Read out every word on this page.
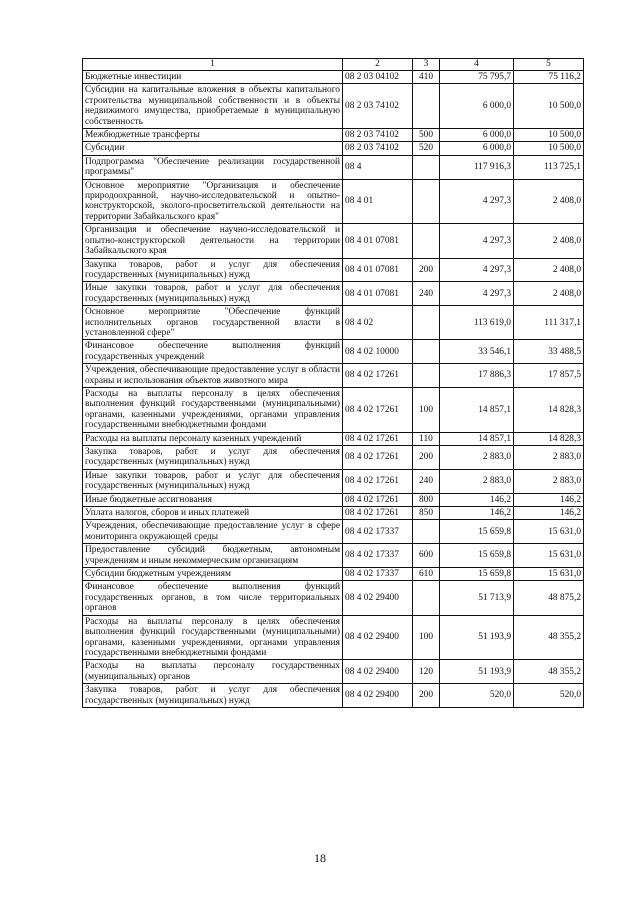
1	2	3	4	5
Бюджетные инвестиции	08 2 03 04102	410	75 795,7	75 116,2
Субсидии на капитальные вложения в объекты капитального строительства муниципальной собственности и в объекты недвижимого имущества, приобретаемые в муниципальную собственность	08 2 03 74102		6 000,0	10 500,0
Межбюджетные трансферты	08 2 03 74102	500	6 000,0	10 500,0
Субсидии	08 2 03 74102	520	6 000,0	10 500,0
Подпрограмма "Обеспечение реализации государственной программы"	08 4		117 916,3	113 725,1
Основное мероприятие "Организация и обеспечение природоохранной, научно-исследовательской и опытно- конструкторской, эколого-просветительской деятельности на территории Забайкальского края"	08 4 01		4 297,3	2 408,0
Организация и обеспечение научно-исследовательской и опытно-конструкторской деятельности на территории Забайкальского края	08 4 01 07081		4 297,3	2 408,0
Закупка товаров, работ и услуг для обеспечения государственных (муниципальных) нужд	08 4 01 07081	200	4 297,3	2 408,0
Иные закупки товаров, работ и услуг для обеспечения государственных (муниципальных) нужд	08 4 01 07081	240	4 297,3	2 408,0
Основное мероприятие "Обеспечение функций исполнительных органов государственной власти в установленной сфере"	08 4 02		113 619,0	111 317,1
Финансовое обеспечение выполнения функций государственных учреждений	08 4 02 10000		33 546,1	33 488,5
Учреждения, обеспечивающие предоставление услуг в области охраны и использования объектов животного мира	08 4 02 17261		17 886,3	17 857,5
Расходы на выплаты персоналу в целях обеспечения выполнения функций государственными (муниципальными) органами, казенными учреждениями, органами управления государственными внебюджетными фондами	08 4 02 17261	100	14 857,1	14 828,3
Расходы на выплаты персоналу казенных учреждений	08 4 02 17261	110	14 857,1	14 828,3
Закупка товаров, работ и услуг для обеспечения государственных (муниципальных) нужд	08 4 02 17261	200	2 883,0	2 883,0
Иные закупки товаров, работ и услуг для обеспечения государственных (муниципальных) нужд	08 4 02 17261	240	2 883,0	2 883,0
Иные бюджетные ассигнования	08 4 02 17261	800	146,2	146,2
Уплата налогов, сборов и иных платежей	08 4 02 17261	850	146,2	146,2
Учреждения, обеспечивающие предоставление услуг в сфере мониторинга окружающей среды	08 4 02 17337		15 659,8	15 631,0
Предоставление субсидий бюджетным, автономным учреждениям и иным некоммерческим организациям	08 4 02 17337	600	15 659,8	15 631,0
Субсидии бюджетным учреждениям	08 4 02 17337	610	15 659,8	15 631,0
Финансовое обеспечение выполнения функций государственных органов, в том числе территориальных органов	08 4 02 29400		51 713,9	48 875,2
Расходы на выплаты персоналу в целях обеспечения выполнения функций государственными (муниципальными) органами, казенными учреждениями, органами управления государственными внебюджетными фондами	08 4 02 29400	100	51 193,9	48 355,2
Расходы на выплаты персоналу государственных (муниципальных) органов	08 4 02 29400	120	51 193,9	48 355,2
Закупка товаров, работ и услуг для обеспечения государственных (муниципальных) нужд	08 4 02 29400	200	520,0	520,0
18
